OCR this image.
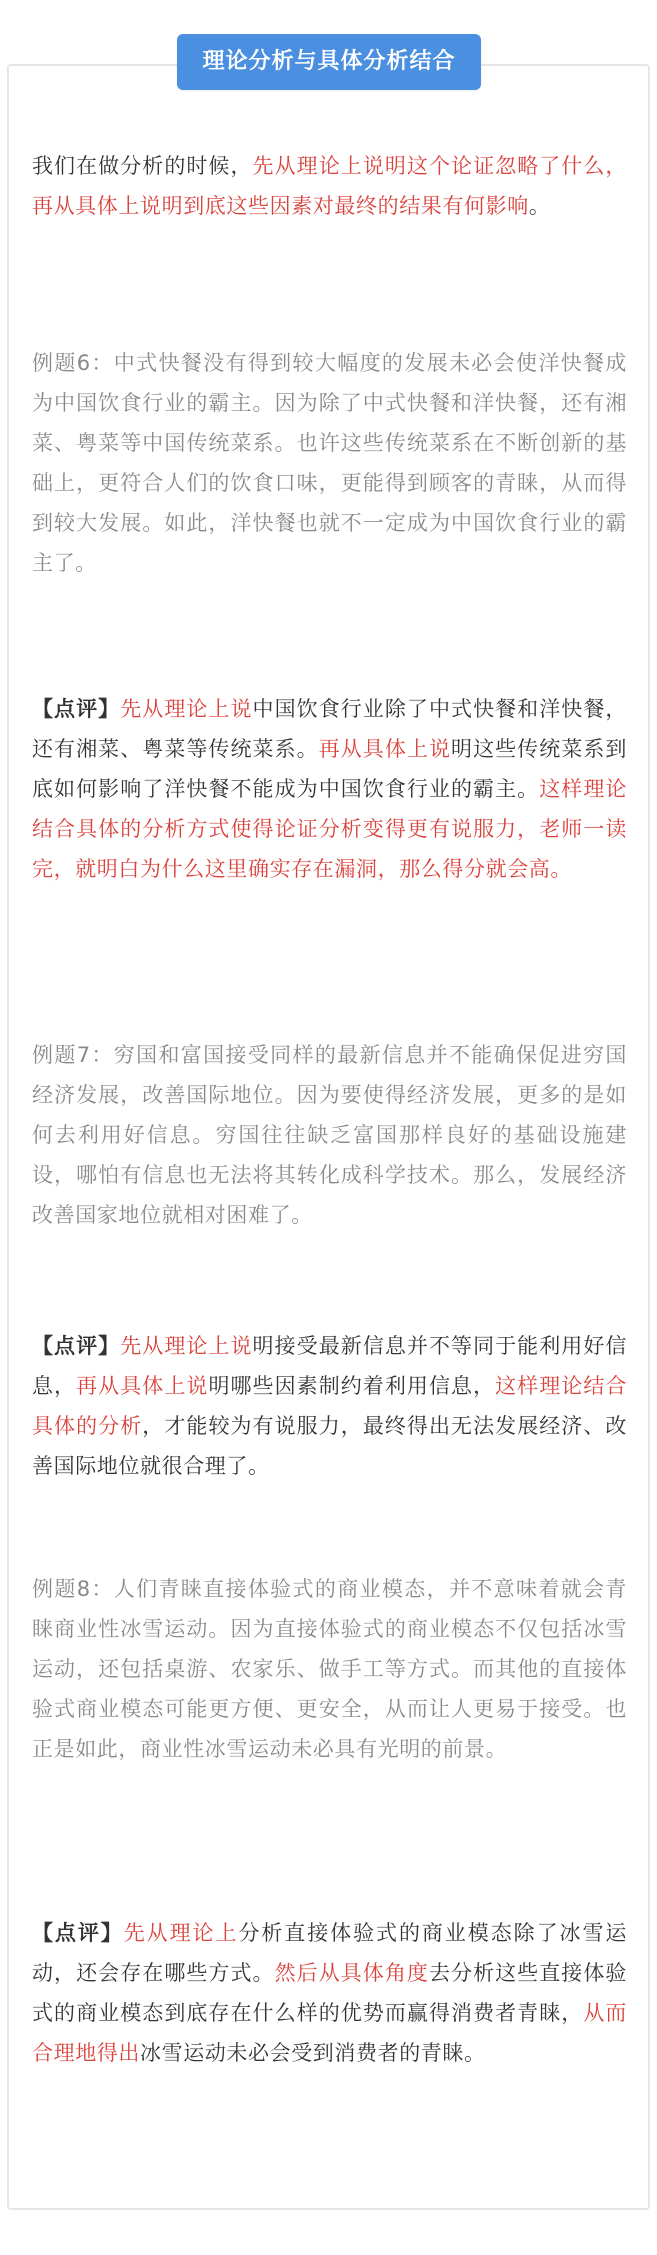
理论分析与具体分析结合

我们在做分析的时候，先从理论上说明这个论证忽略了什么，再从具体上说明到底这些因素对最终的结果有何影响。

例题6：中式快餐没有得到较大幅度的发展未必会使洋快餐成为中国饮食行业的霸主。因为除了中式快餐和洋快餐，还有湘菜、粤菜等中国传统菜系。也许这些传统菜系在不断创新的基础上，更符合人们的饮食口味，更能得到顾客的青睐，从而得到较大发展。如此，洋快餐也就不一定成为中国饮食行业的霸主了。

【点评】先从理论上说中国饮食行业除了中式快餐和洋快餐，还有湘菜、粤菜等传统菜系。再从具体上说明这些传统菜系到底如何影响了洋快餐不能成为中国饮食行业的霸主。这样理论结合具体的分析方式使得论证分析变得更有说服力，老师一读完，就明白为什么这里确实存在漏洞，那么得分就会高。

例题7：穷国和富国接受同样的最新信息并不能确保促进穷国经济发展，改善国际地位。因为要使得经济发展，更多的是如何去利用好信息。穷国往往缺乏富国那样良好的基础设施建设，哪怕有信息也无法将其转化成科学技术。那么，发展经济改善国家地位就相对困难了。

【点评】先从理论上说明接受最新信息并不等同于能利用好信息，再从具体上说明哪些因素制约着利用信息，这样理论结合具体的分析，才能较为有说服力，最终得出无法发展经济、改善国际地位就很合理了。

例题8：人们青睐直接体验式的商业模态，并不意味着就会青睐商业性冰雪运动。因为直接体验式的商业模态不仅包括冰雪运动，还包括桌游、农家乐、做手工等方式。而其他的直接体验式商业模态可能更方便、更安全，从而让人更易于接受。也正是如此，商业性冰雪运动未必具有光明的前景。

【点评】先从理论上分析直接体验式的商业模态除了冰雪运动，还会存在哪些方式。然后从具体角度去分析这些直接体验式的商业模态到底存在什么样的优势而赢得消费者青睐，从而合理地得出冰雪运动未必会受到消费者的青睐。
